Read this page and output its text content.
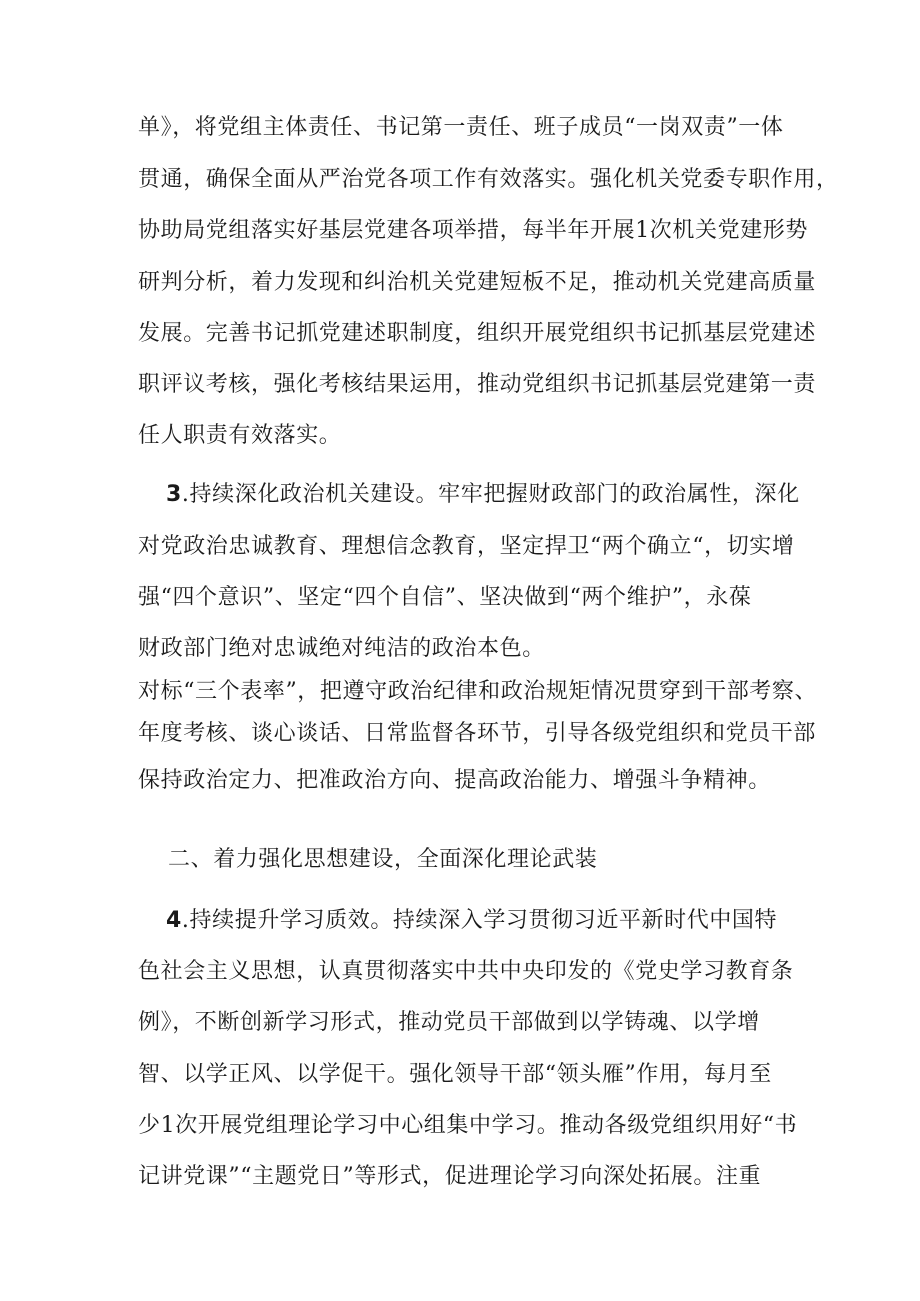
单》，将党组主体责任、书记第一责任、班子成员“一岗双责”一体
贯通，确保全面从严治党各项工作有效落实。强化机关党委专职作用，
协助局党组落实好基层党建各项举措，每半年开展1次机关党建形势
研判分析，着力发现和纠治机关党建短板不足，推动机关党建高质量
发展。完善书记抓党建述职制度，组织开展党组织书记抓基层党建述
职评议考核，强化考核结果运用，推动党组织书记抓基层党建第一责
任人职责有效落实。
3.持续深化政治机关建设。牢牢把握财政部门的政治属性，深化
对党政治忠诚教育、理想信念教育，坚定捍卫“两个确立“，切实增
强“四个意识”、坚定“四个自信”、坚决做到“两个维护”，永葆
财政部门绝对忠诚绝对纯洁的政治本色。
对标“三个表率”，把遵守政治纪律和政治规矩情况贯穿到干部考察、
年度考核、谈心谈话、日常监督各环节，引导各级党组织和党员干部
保持政治定力、把准政治方向、提高政治能力、增强斗争精神。
二、着力强化思想建设，全面深化理论武装
4.持续提升学习质效。持续深入学习贯彻习近平新时代中国特
色社会主义思想，认真贯彻落实中共中央印发的《党史学习教育条
例》，不断创新学习形式，推动党员干部做到以学铸魂、以学增
智、以学正风、以学促干。强化领导干部“领头雁”作用，每月至
少1次开展党组理论学习中心组集中学习。推动各级党组织用好“书
记讲党课”“主题党日”等形式，促进理论学习向深处拓展。注重
